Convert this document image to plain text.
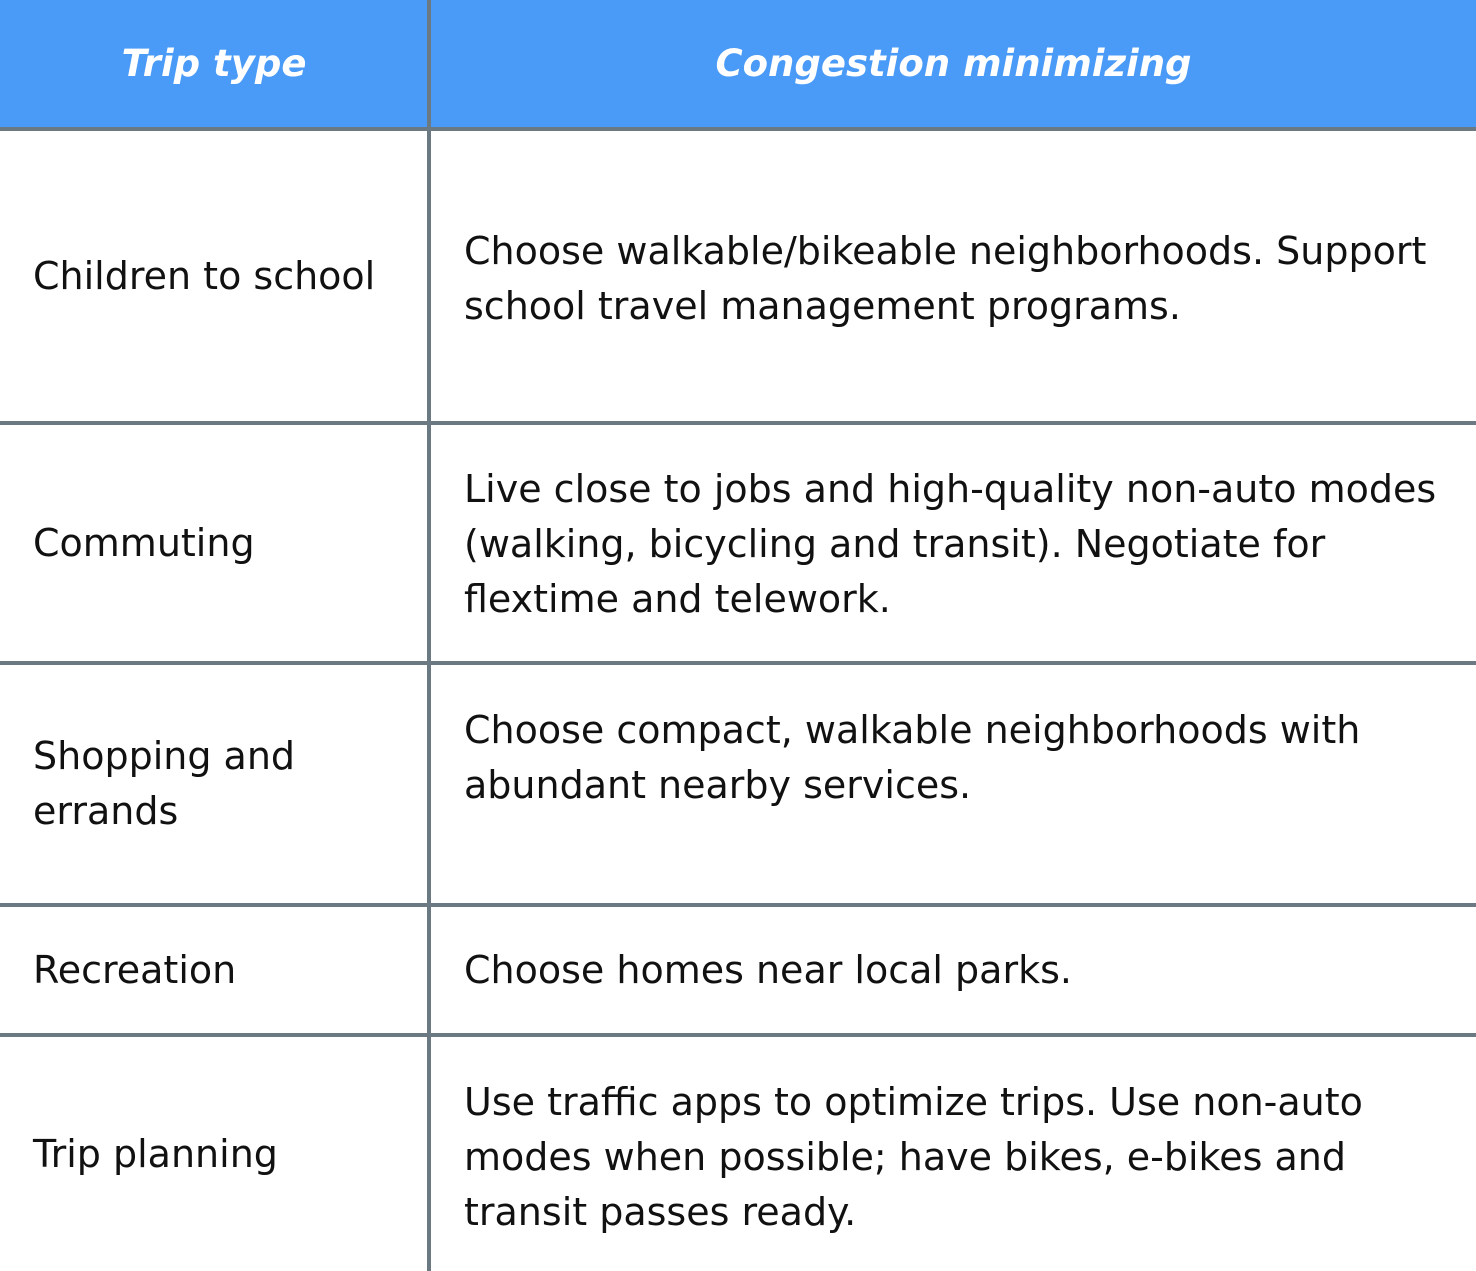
Trip type	Congestion minimizing
Children to school
Choose walkable/bikeable neighborhoods. Support school travel management programs.
Commuting
Live close to jobs and high-quality non-auto modes (walking, bicycling and transit). Negotiate for flextime and telework.
Shopping and errands
Choose compact, walkable neighborhoods with abundant nearby services.
Recreation	Choose homes near local parks.
Trip planning
Use traffic apps to optimize trips. Use non-auto modes when possible; have bikes, e-bikes and transit passes ready.
